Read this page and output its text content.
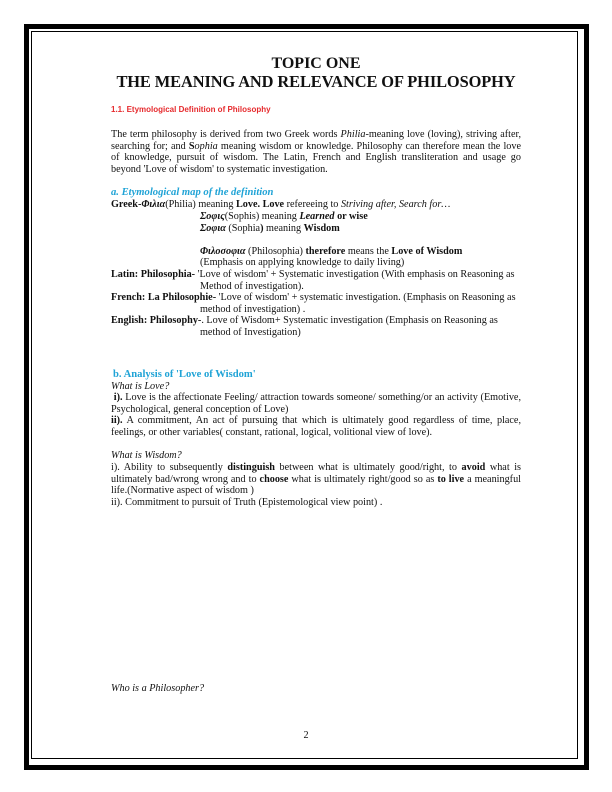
TOPIC ONE
THE MEANING AND RELEVANCE OF PHILOSOPHY
1.1. Etymological Definition of Philosophy

The term philosophy is derived from two Greek words Philia-meaning love (loving), striving after, searching for; and Sophia meaning wisdom or knowledge. Philosophy can therefore mean the love of knowledge, pursuit of wisdom. The Latin, French and English transliteration and usage go beyond 'Love of wisdom' to systematic investigation.

a. Etymological map of the definition
Greek-Φιλια(Philia) meaning Love. Love refereeing to Striving after, Search for…
Σοφις(Sophis) meaning Learned or wise
Σοφια (Sophia) meaning Wisdom
Φιλοσοφια (Philosophia) therefore means the Love of Wisdom
(Emphasis on applying knowledge to daily living)
Latin: Philosophia- 'Love of wisdom' + Systematic investigation (With emphasis on Reasoning as Method of investigation).
French: La Philosophie- 'Love of wisdom' + systematic investigation. (Emphasis on Reasoning as method of investigation) .
English: Philosophy-. Love of Wisdom+ Systematic investigation (Emphasis on Reasoning as method of Investigation)
b. Analysis of 'Love of Wisdom'
What is Love?

i). Love is the affectionate Feeling/ attraction towards someone/ something/or an activity (Emotive, Psychological, general conception of Love)

ii). A commitment, An act of pursuing that which is ultimately good regardless of time, place, feelings, or other variables( constant, rational, logical, volitional view of love).

What is Wisdom?

i). Ability to subsequently distinguish between what is ultimately good/right, to avoid what is ultimately bad/wrong wrong and to choose what is ultimately right/good so as to live a meaningful life.(Normative aspect of wisdom )

ii). Commitment to pursuit of Truth (Epistemological view point) .
Who is a Philosopher?
2
